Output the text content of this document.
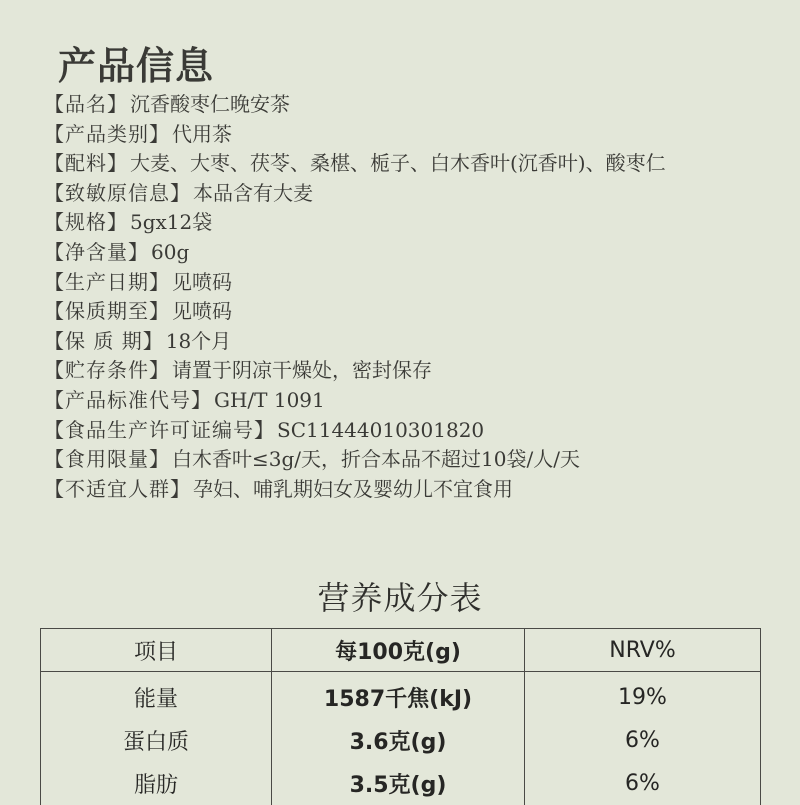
产品信息
【品名】 沉香酸枣仁晚安茶
【产品类别】 代用茶
【配料】 大麦、大枣、茯苓、桑椹、栀子、白木香叶(沉香叶)、酸枣仁
【致敏原信息】 本品含有大麦
【规格】 5gx12袋
【净含量】 60g
【生产日期】 见喷码
【保质期至】 见喷码
【保 质 期】 18个月
【贮存条件】 请置于阴凉干燥处，密封保存
【产品标准代号】 GH/T 1091
【食品生产许可证编号】 SC11444010301820
【食用限量】 白木香叶≤3g/天，折合本品不超过10袋/人/天
【不适宜人群】 孕妇、哺乳期妇女及婴幼儿不宜食用
营养成分表
项目	每100克(g)	NRV%
能量	1587千焦(kJ)	19%
蛋白质	3.6克(g)	6%
脂肪	3.5克(g)	6%
